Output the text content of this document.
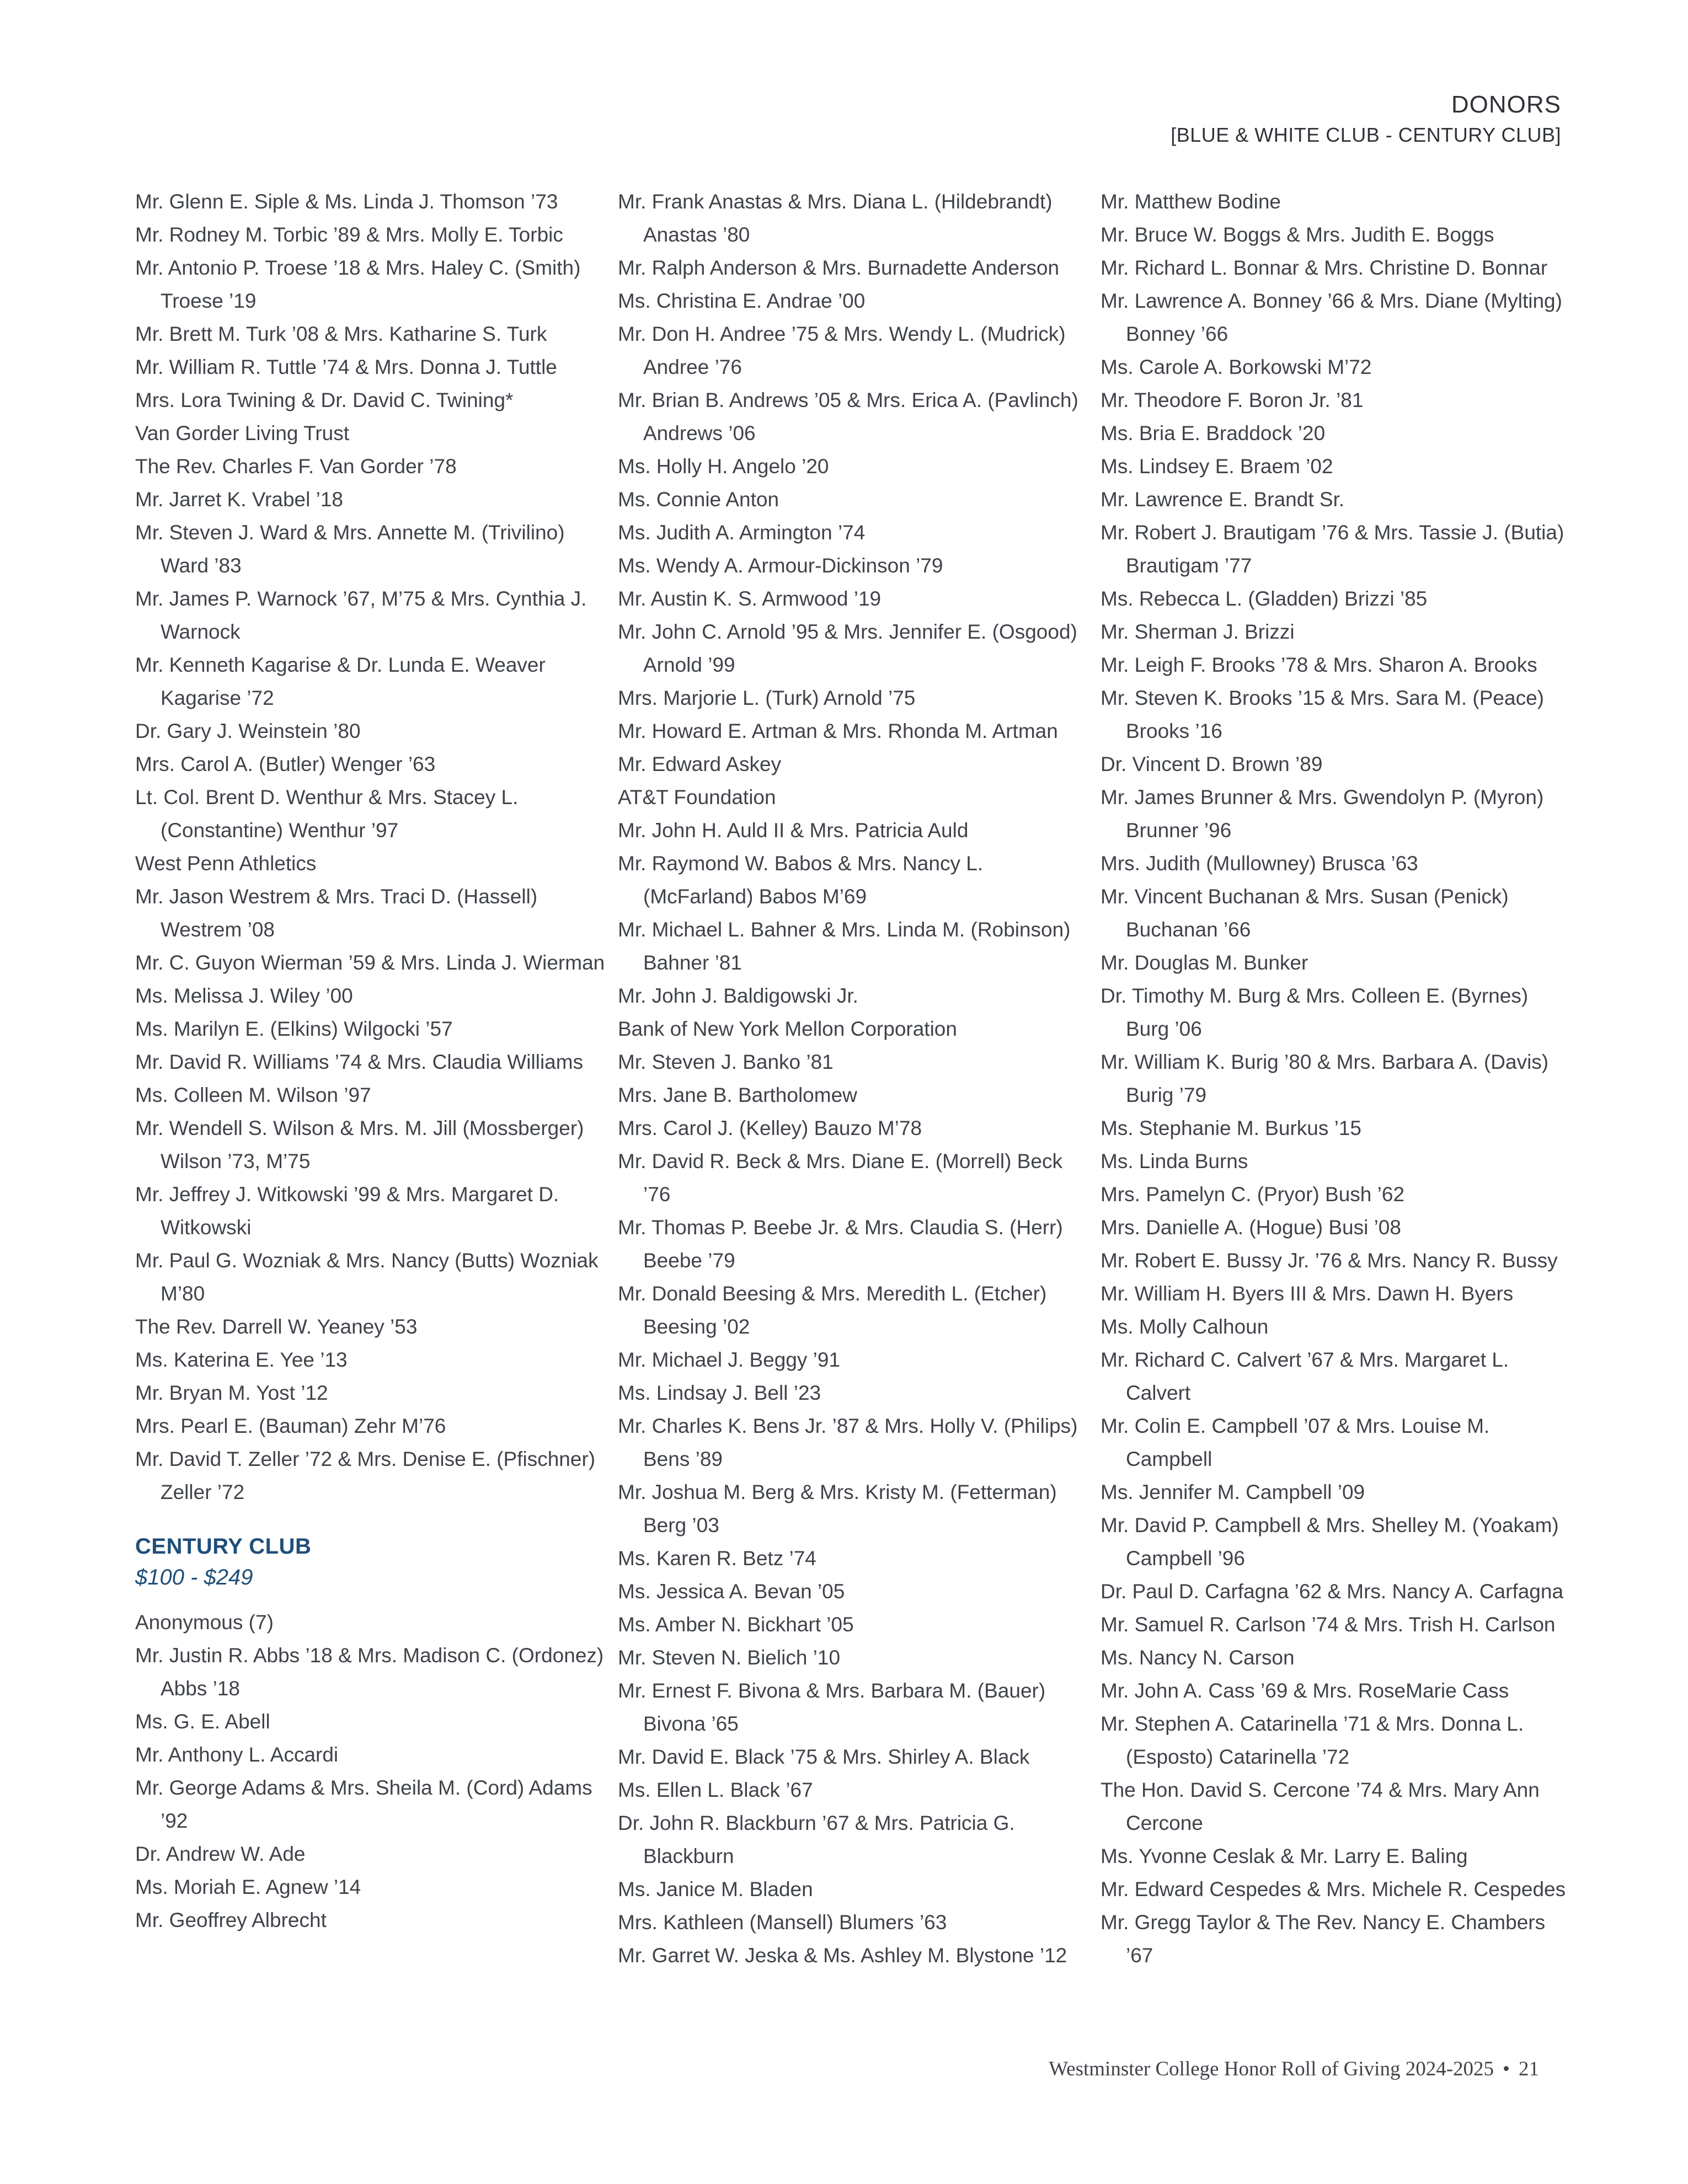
DONORS
[BLUE & WHITE CLUB - CENTURY CLUB]
Mr. Glenn E. Siple & Ms. Linda J. Thomson ’73
Mr. Rodney M. Torbic ’89 & Mrs. Molly E. Torbic
Mr. Antonio P. Troese ’18 & Mrs. Haley C. (Smith) Troese ’19
Mr. Brett M. Turk ’08 & Mrs. Katharine S. Turk
Mr. William R. Tuttle ’74 & Mrs. Donna J. Tuttle
Mrs. Lora Twining & Dr. David C. Twining*
Van Gorder Living Trust
The Rev. Charles F. Van Gorder ’78
Mr. Jarret K. Vrabel ’18
Mr. Steven J. Ward & Mrs. Annette M. (Trivilino) Ward ’83
Mr. James P. Warnock ’67, M’75 & Mrs. Cynthia J. Warnock
Mr. Kenneth Kagarise & Dr. Lunda E. Weaver Kagarise ’72
Dr. Gary J. Weinstein ’80
Mrs. Carol A. (Butler) Wenger ’63
Lt. Col. Brent D. Wenthur & Mrs. Stacey L. (Constantine) Wenthur ’97
West Penn Athletics
Mr. Jason Westrem & Mrs. Traci D. (Hassell) Westrem ’08
Mr. C. Guyon Wierman ’59 & Mrs. Linda J. Wierman
Ms. Melissa J. Wiley ’00
Ms. Marilyn E. (Elkins) Wilgocki ’57
Mr. David R. Williams ’74 & Mrs. Claudia Williams
Ms. Colleen M. Wilson ’97
Mr. Wendell S. Wilson & Mrs. M. Jill (Mossberger) Wilson ’73, M’75
Mr. Jeffrey J. Witkowski ’99 & Mrs. Margaret D. Witkowski
Mr. Paul G. Wozniak & Mrs. Nancy (Butts) Wozniak M’80
The Rev. Darrell W. Yeaney ’53
Ms. Katerina E. Yee ’13
Mr. Bryan M. Yost ’12
Mrs. Pearl E. (Bauman) Zehr M’76
Mr. David T. Zeller ’72 & Mrs. Denise E. (Pfischner) Zeller ’72
CENTURY CLUB
$100 - $249
Anonymous (7)
Mr. Justin R. Abbs ’18 & Mrs. Madison C. (Ordonez) Abbs ’18
Ms. G. E. Abell
Mr. Anthony L. Accardi
Mr. George Adams & Mrs. Sheila M. (Cord) Adams ’92
Dr. Andrew W. Ade
Ms. Moriah E. Agnew ’14
Mr. Geoffrey Albrecht
Mr. Frank Anastas & Mrs. Diana L. (Hildebrandt) Anastas ’80
Mr. Ralph Anderson & Mrs. Burnadette Anderson
Ms. Christina E. Andrae ’00
Mr. Don H. Andree ’75 & Mrs. Wendy L. (Mudrick) Andree ’76
Mr. Brian B. Andrews ’05 & Mrs. Erica A. (Pavlinch) Andrews ’06
Ms. Holly H. Angelo ’20
Ms. Connie Anton
Ms. Judith A. Armington ’74
Ms. Wendy A. Armour-Dickinson ’79
Mr. Austin K. S. Armwood ’19
Mr. John C. Arnold ’95 & Mrs. Jennifer E. (Osgood) Arnold ’99
Mrs. Marjorie L. (Turk) Arnold ’75
Mr. Howard E. Artman & Mrs. Rhonda M. Artman
Mr. Edward Askey
AT&T Foundation
Mr. John H. Auld II & Mrs. Patricia Auld
Mr. Raymond W. Babos & Mrs. Nancy L. (McFarland) Babos M’69
Mr. Michael L. Bahner & Mrs. Linda M. (Robinson) Bahner ’81
Mr. John J. Baldigowski Jr.
Bank of New York Mellon Corporation
Mr. Steven J. Banko ’81
Mrs. Jane B. Bartholomew
Mrs. Carol J. (Kelley) Bauzo M’78
Mr. David R. Beck & Mrs. Diane E. (Morrell) Beck ’76
Mr. Thomas P. Beebe Jr. & Mrs. Claudia S. (Herr) Beebe ’79
Mr. Donald Beesing & Mrs. Meredith L. (Etcher) Beesing ’02
Mr. Michael J. Beggy ’91
Ms. Lindsay J. Bell ’23
Mr. Charles K. Bens Jr. ’87 & Mrs. Holly V. (Philips) Bens ’89
Mr. Joshua M. Berg & Mrs. Kristy M. (Fetterman) Berg ’03
Ms. Karen R. Betz ’74
Ms. Jessica A. Bevan ’05
Ms. Amber N. Bickhart ’05
Mr. Steven N. Bielich ’10
Mr. Ernest F. Bivona & Mrs. Barbara M. (Bauer) Bivona ’65
Mr. David E. Black ’75 & Mrs. Shirley A. Black
Ms. Ellen L. Black ’67
Dr. John R. Blackburn ’67 & Mrs. Patricia G. Blackburn
Ms. Janice M. Bladen
Mrs. Kathleen (Mansell) Blumers ’63
Mr. Garret W. Jeska & Ms. Ashley M. Blystone ’12
Mr. Matthew Bodine
Mr. Bruce W. Boggs & Mrs. Judith E. Boggs
Mr. Richard L. Bonnar & Mrs. Christine D. Bonnar
Mr. Lawrence A. Bonney ’66 & Mrs. Diane (Mylting) Bonney ’66
Ms. Carole A. Borkowski M’72
Mr. Theodore F. Boron Jr. ’81
Ms. Bria E. Braddock ’20
Ms. Lindsey E. Braem ’02
Mr. Lawrence E. Brandt Sr.
Mr. Robert J. Brautigam ’76 & Mrs. Tassie J. (Butia) Brautigam ’77
Ms. Rebecca L. (Gladden) Brizzi ’85
Mr. Sherman J. Brizzi
Mr. Leigh F. Brooks ’78 & Mrs. Sharon A. Brooks
Mr. Steven K. Brooks ’15 & Mrs. Sara M. (Peace) Brooks ’16
Dr. Vincent D. Brown ’89
Mr. James Brunner & Mrs. Gwendolyn P. (Myron) Brunner ’96
Mrs. Judith (Mullowney) Brusca ’63
Mr. Vincent Buchanan & Mrs. Susan (Penick) Buchanan ’66
Mr. Douglas M. Bunker
Dr. Timothy M. Burg & Mrs. Colleen E. (Byrnes) Burg ’06
Mr. William K. Burig ’80 & Mrs. Barbara A. (Davis) Burig ’79
Ms. Stephanie M. Burkus ’15
Ms. Linda Burns
Mrs. Pamelyn C. (Pryor) Bush ’62
Mrs. Danielle A. (Hogue) Busi ’08
Mr. Robert E. Bussy Jr. ’76 & Mrs. Nancy R. Bussy
Mr. William H. Byers III & Mrs. Dawn H. Byers
Ms. Molly Calhoun
Mr. Richard C. Calvert ’67 & Mrs. Margaret L. Calvert
Mr. Colin E. Campbell ’07 & Mrs. Louise M. Campbell
Ms. Jennifer M. Campbell ’09
Mr. David P. Campbell & Mrs. Shelley M. (Yoakam) Campbell ’96
Dr. Paul D. Carfagna ’62 & Mrs. Nancy A. Carfagna
Mr. Samuel R. Carlson ’74 & Mrs. Trish H. Carlson
Ms. Nancy N. Carson
Mr. John A. Cass ’69 & Mrs. RoseMarie Cass
Mr. Stephen A. Catarinella ’71 & Mrs. Donna L. (Esposto) Catarinella ’72
The Hon. David S. Cercone ’74 & Mrs. Mary Ann Cercone
Ms. Yvonne Ceslak & Mr. Larry E. Baling
Mr. Edward Cespedes & Mrs. Michele R. Cespedes
Mr. Gregg Taylor & The Rev. Nancy E. Chambers ’67
Westminster College Honor Roll of Giving 2024-2025 • 21
